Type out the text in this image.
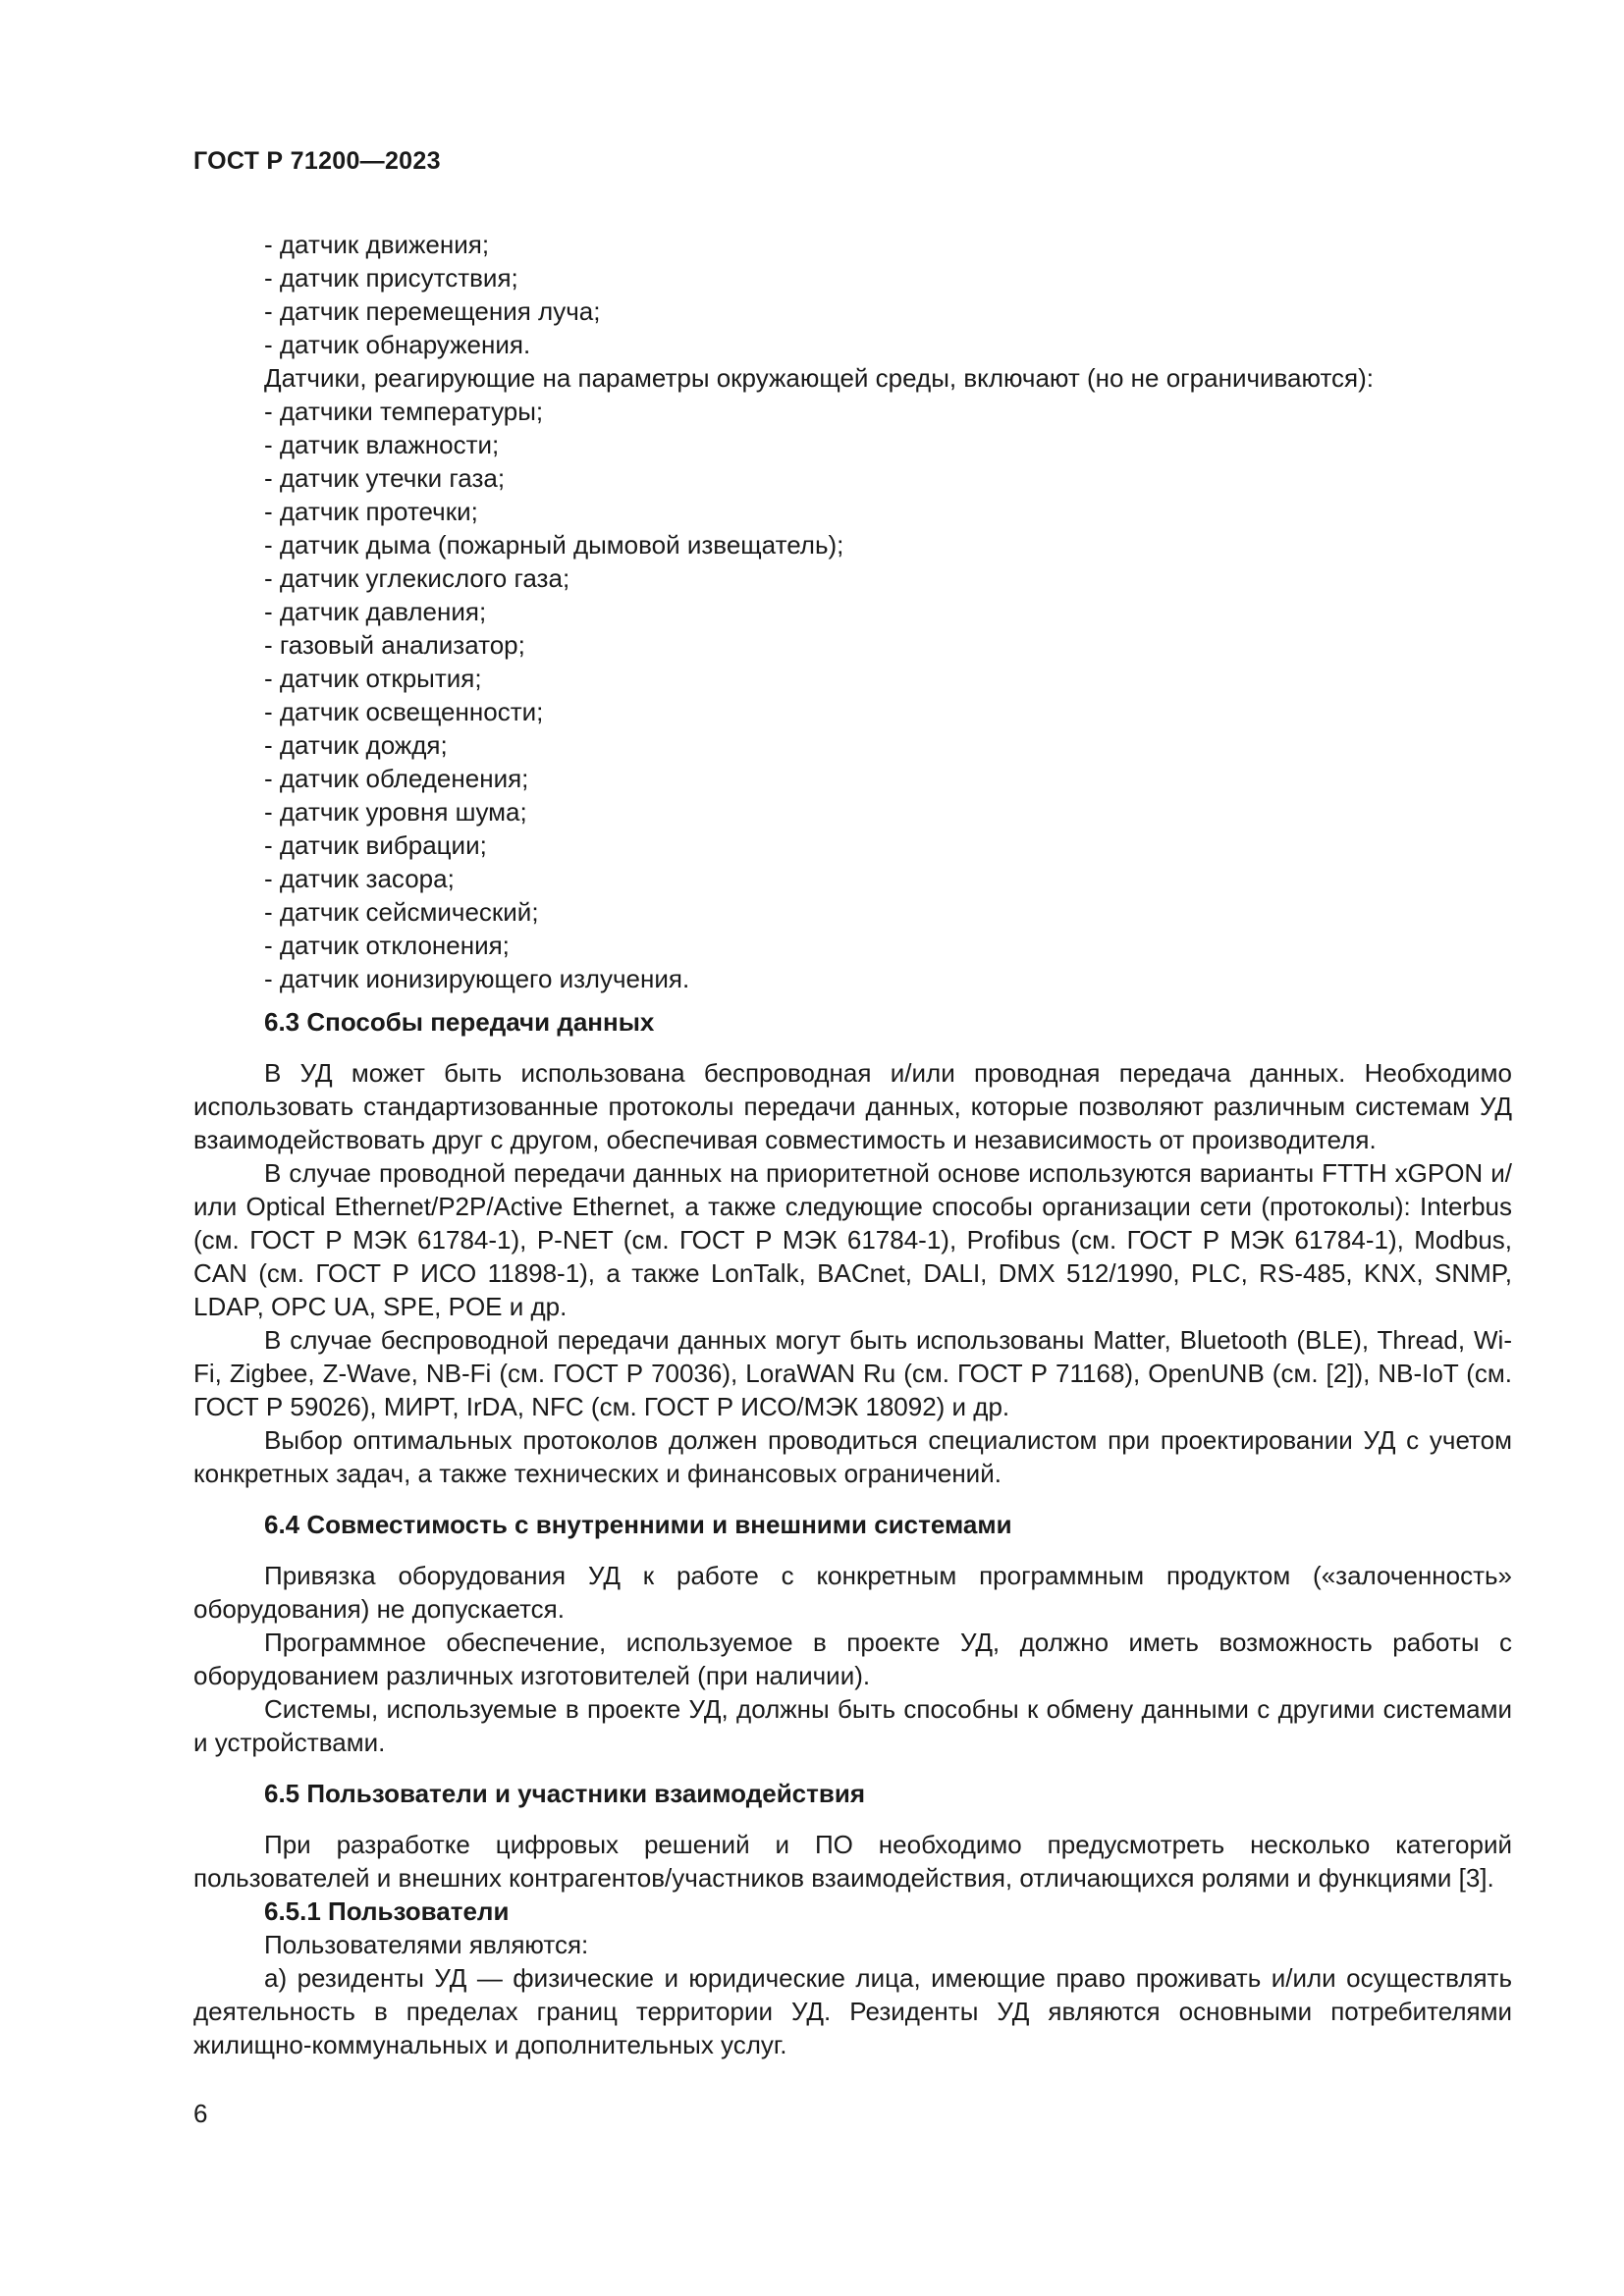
ГОСТ Р 71200—2023
- датчик движения;
- датчик присутствия;
- датчик перемещения луча;
- датчик обнаружения.
Датчики, реагирующие на параметры окружающей среды, включают (но не ограничиваются):
- датчики температуры;
- датчик влажности;
- датчик утечки газа;
- датчик протечки;
- датчик дыма (пожарный дымовой извещатель);
- датчик углекислого газа;
- датчик давления;
- газовый анализатор;
- датчик открытия;
- датчик освещенности;
- датчик дождя;
- датчик обледенения;
- датчик уровня шума;
- датчик вибрации;
- датчик засора;
- датчик сейсмический;
- датчик отклонения;
- датчик ионизирующего излучения.
6.3 Способы передачи данных
В УД может быть использована беспроводная и/или проводная передача данных. Необходимо использовать стандартизованные протоколы передачи данных, которые позволяют различным системам УД взаимодействовать друг с другом, обеспечивая совместимость и независимость от производителя.
В случае проводной передачи данных на приоритетной основе используются варианты FTTH xGPON и/или Optical Ethernet/P2P/Active Ethernet, а также следующие способы организации сети (протоколы): Interbus (см. ГОСТ Р МЭК 61784-1), P-NET (см. ГОСТ Р МЭК 61784-1), Profibus (см. ГОСТ Р МЭК 61784-1), Modbus, CAN (см. ГОСТ Р ИСО 11898-1), а также LonTalk, BACnet, DALI, DMX 512/1990, PLC, RS-485, KNX, SNMP, LDAP, OPC UA, SPE, POE и др.
В случае беспроводной передачи данных могут быть использованы Matter, Bluetooth (BLE), Thread, Wi-Fi, Zigbee, Z-Wave, NB-Fi (см. ГОСТ Р 70036), LoraWAN Ru (см. ГОСТ Р 71168), OpenUNB (см. [2]), NB-IoT (см. ГОСТ Р 59026), МИРТ, IrDA, NFC (см. ГОСТ Р ИСО/МЭК 18092) и др.
Выбор оптимальных протоколов должен проводиться специалистом при проектировании УД с учетом конкретных задач, а также технических и финансовых ограничений.
6.4 Совместимость с внутренними и внешними системами
Привязка оборудования УД к работе с конкретным программным продуктом («залоченность» оборудования) не допускается.
Программное обеспечение, используемое в проекте УД, должно иметь возможность работы с оборудованием различных изготовителей (при наличии).
Системы, используемые в проекте УД, должны быть способны к обмену данными с другими системами и устройствами.
6.5 Пользователи и участники взаимодействия
При разработке цифровых решений и ПО необходимо предусмотреть несколько категорий пользователей и внешних контрагентов/участников взаимодействия, отличающихся ролями и функциями [3].
6.5.1 Пользователи
Пользователями являются:
а) резиденты УД — физические и юридические лица, имеющие право проживать и/или осуществлять деятельность в пределах границ территории УД. Резиденты УД являются основными потребителями жилищно-коммунальных и дополнительных услуг.
6
